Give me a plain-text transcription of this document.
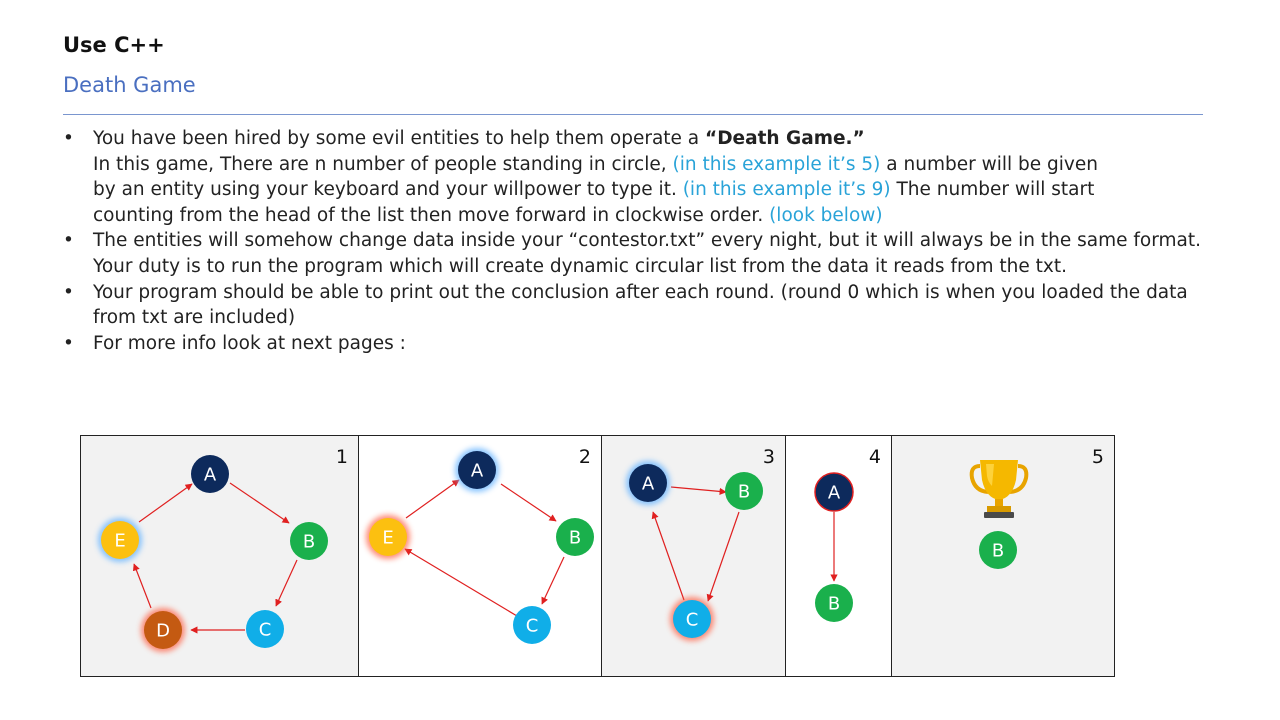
Use C++
Death Game
• You have been hired by some evil entities to help them operate a “Death Game.”
In this game, There are n number of people standing in circle, (in this example it’s 5) a number will be given
by an entity using your keyboard and your willpower to type it. (in this example it’s 9) The number will start
counting from the head of the list then move forward in clockwise order. (look below)
• The entities will somehow change data inside your “contestor.txt” every night, but it will always be in the same format. Your duty is to run the program which will create dynamic circular list from the data it reads from the txt.
• Your program should be able to print out the conclusion after each round. (round 0 which is when you loaded the data from txt are included)
• For more info look at next pages :
1
A
B
C
D
E
2
A
B
C
E
3
A	B
C
4
A
B
5
B
